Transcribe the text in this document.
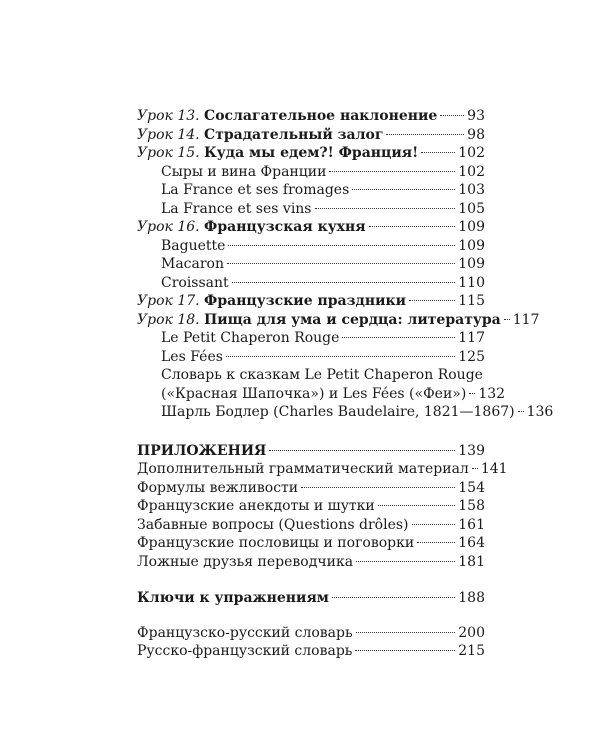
Урок 13. Сослагательное наклонение 93
Урок 14. Страдательный залог	98
Урок 15. Куда мы едем?! Франция!	102
Сыры и вина Франции	102
La France et ses fromages	103
La France et ses vins	105
Урок 16. Французская кухня	109
Baguette	109
Macaron	109
Croissant	110
Урок 17. Французские праздники	115
Урок 18. Пища для ума и сердца: литература 117
Le Petit Chaperon Rouge	117
Les Fées	125
Словарь к сказкам Le Petit Chaperon Rouge
(«Красная Шапочка») и Les Fées («Феи») 132
Шарль Бодлер (Charles Baudelaire, 1821—1867) 136
ПРИЛОЖЕНИЯ	139
Дополнительный грамматический материал 141
Формулы вежливости	154
Французские анекдоты и шутки	158
Забавные вопросы (Questions drôles)	161
Французские пословицы и поговорки	164
Ложные друзья переводчика	181
Ключи к упражнениям	188
Французско-русский словарь	200
Русско-французский словарь	215
